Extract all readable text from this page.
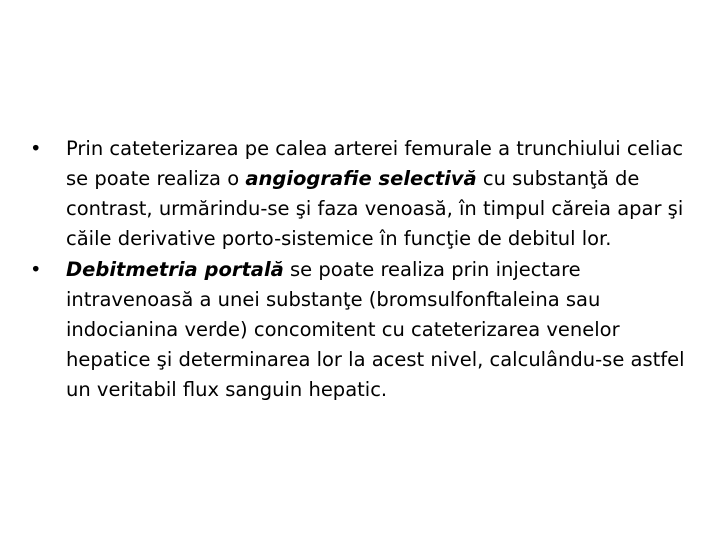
• Prin cateterizarea pe calea arterei femurale a trunchiului celiac se poate realiza o angiografie selectivă cu substanţă de contrast, urmărindu-se şi faza venoasă, în timpul căreia apar şi căile derivative porto-sistemice în funcţie de debitul lor.
• Debitmetria portală se poate realiza prin injectare intravenoasă a unei substanţe (bromsulfonftaleina sau indocianina verde) concomitent cu cateterizarea venelor hepatice şi determinarea lor la acest nivel, calculându-se astfel un veritabil flux sanguin hepatic.
